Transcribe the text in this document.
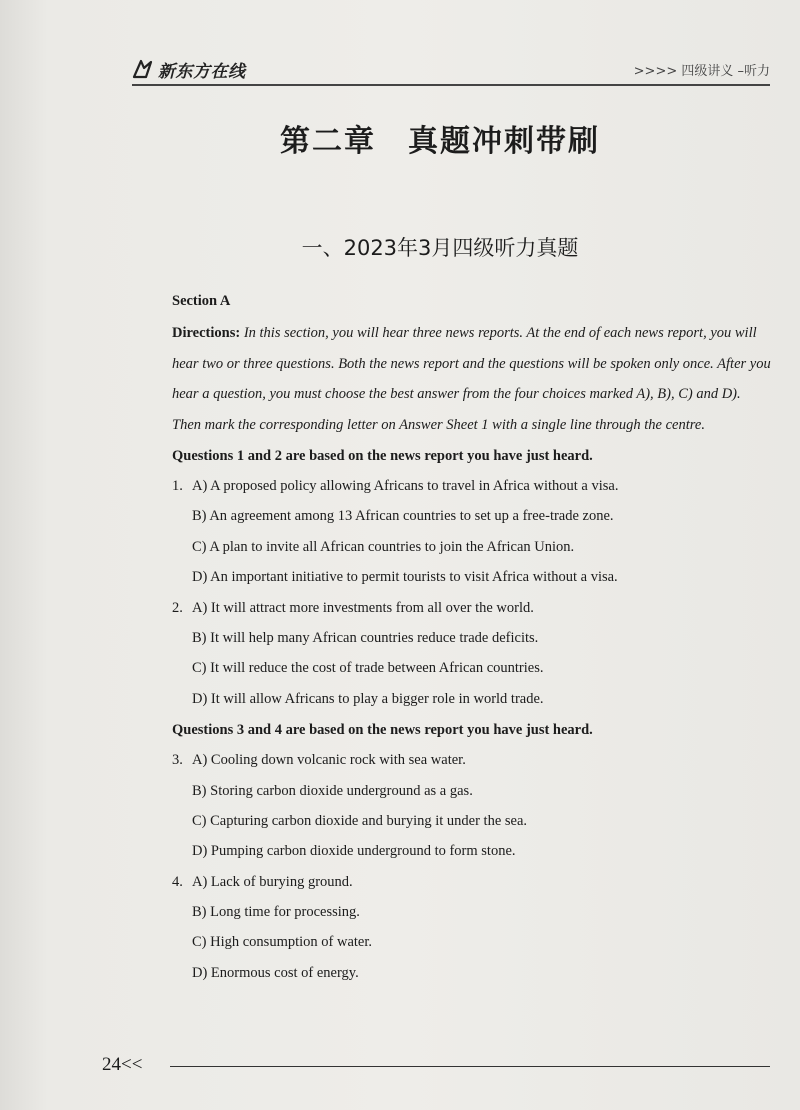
新东方在线	>>>> 四级讲义 –听力
第二章　真题冲刺带刷
一、2023年3月四级听力真题
Section A

Directions: In this section, you will hear three news reports. At the end of each news report, you will hear two or three questions. Both the news report and the questions will be spoken only once. After you hear a question, you must choose the best answer from the four choices marked A), B), C) and D). Then mark the corresponding letter on Answer Sheet 1 with a single line through the centre.

Questions 1 and 2 are based on the news report you have just heard.
1. A) A proposed policy allowing Africans to travel in Africa without a visa.
B) An agreement among 13 African countries to set up a free-trade zone.
C) A plan to invite all African countries to join the African Union.
D) An important initiative to permit tourists to visit Africa without a visa.
2. A) It will attract more investments from all over the world.
B) It will help many African countries reduce trade deficits.
C) It will reduce the cost of trade between African countries.
D) It will allow Africans to play a bigger role in world trade.
Questions 3 and 4 are based on the news report you have just heard.
3. A) Cooling down volcanic rock with sea water.
B) Storing carbon dioxide underground as a gas.
C) Capturing carbon dioxide and burying it under the sea.
D) Pumping carbon dioxide underground to form stone.
4. A) Lack of burying ground.
B) Long time for processing.
C) High consumption of water.
D) Enormous cost of energy.
24<<
